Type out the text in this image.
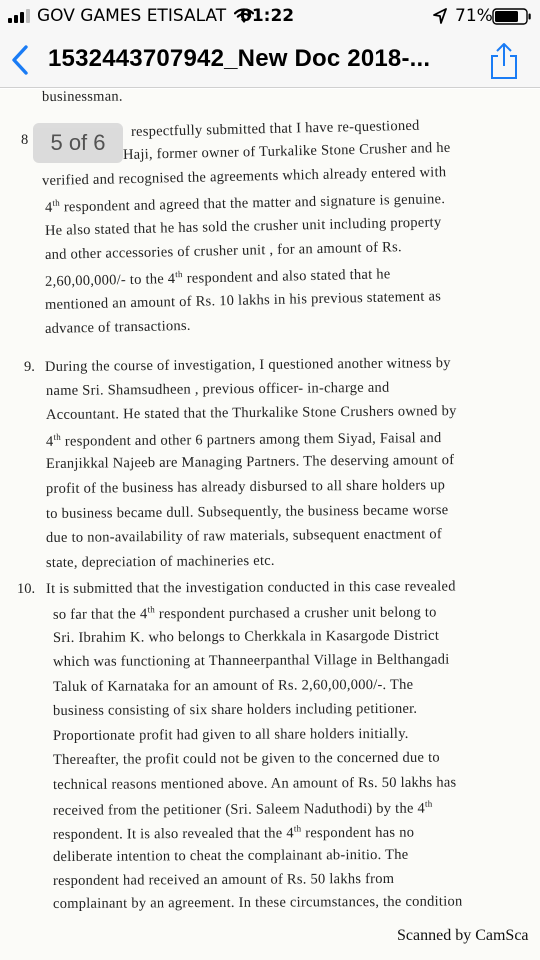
GOV GAMES ETISALAT 01:22	71%
1532443707942_New Doc 2018-...
businessman.
8
respectfully submitted that I have re-questioned
Haji, former owner of Turkalike Stone Crusher and he
verified and recognised the agreements which already entered with
4th respondent and agreed that the matter and signature is genuine.
He also stated that he has sold the crusher unit including property
and other accessories of crusher unit , for an amount of Rs.
2,60,00,000/- to the 4th respondent and also stated that he
mentioned an amount of Rs. 10 lakhs in his previous statement as
advance of transactions.
9. During the course of investigation, I questioned another witness by
name Sri. Shamsudheen , previous officer- in-charge and
Accountant. He stated that the Thurkalike Stone Crushers owned by
4th respondent and other 6 partners among them Siyad, Faisal and
Eranjikkal Najeeb are Managing Partners. The deserving amount of
profit of the business has already disbursed to all share holders up
to business became dull. Subsequently, the business became worse
due to non-availability of raw materials, subsequent enactment of
state, depreciation of machineries etc.
10. It is submitted that the investigation conducted in this case revealed
so far that the 4th respondent purchased a crusher unit belong to
Sri. Ibrahim K. who belongs to Cherkkala in Kasargode District
which was functioning at Thanneerpanthal Village in Belthangadi
Taluk of Karnataka for an amount of Rs. 2,60,00,000/-. The
business consisting of six share holders including petitioner.
Proportionate profit had given to all share holders initially.
Thereafter, the profit could not be given to the concerned due to
technical reasons mentioned above. An amount of Rs. 50 lakhs has
received from the petitioner (Sri. Saleem Naduthodi) by the 4th
respondent. It is also revealed that the 4th respondent has no
deliberate intention to cheat the complainant ab-initio. The
respondent had received an amount of Rs. 50 lakhs from
complainant by an agreement. In these circumstances, the condition
5 of 6
Scanned by CamSca
